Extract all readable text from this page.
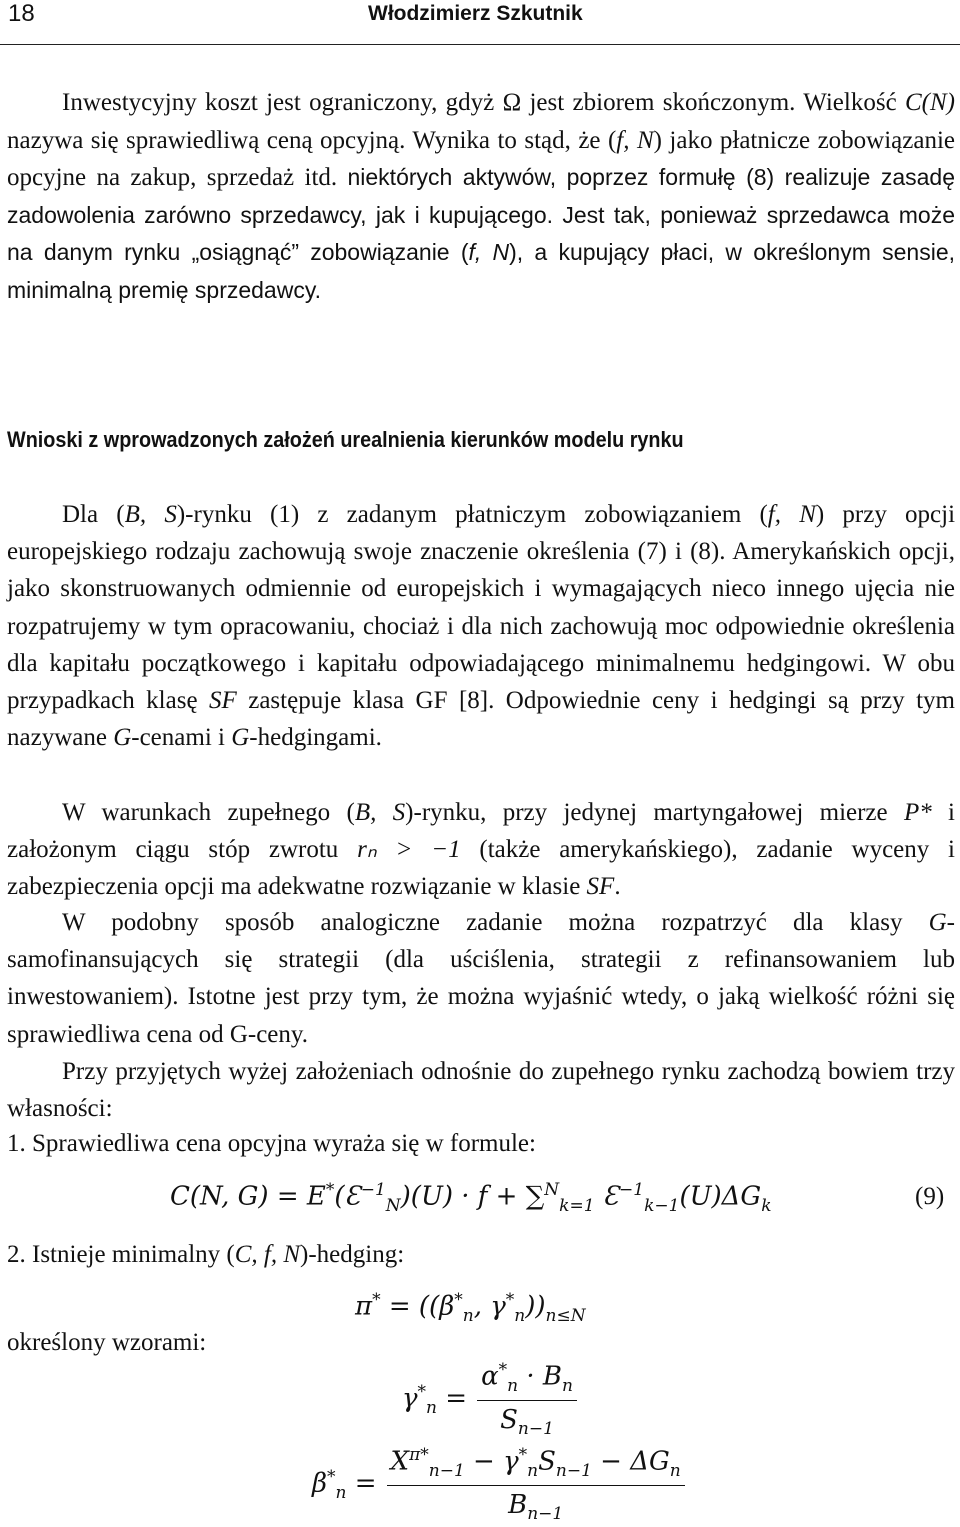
18	Włodzimierz Szkutnik

Inwestycyjny koszt jest ograniczony, gdyż Ω jest zbiorem skończonym. Wielkość C(N) nazywa się sprawiedliwą ceną opcyjną. Wynika to stąd, że (f, N) jako płatnicze zobowiązanie opcyjne na zakup, sprzedaż itd. niektórych aktywów, poprzez formułę (8) realizuje zasadę zadowolenia zarówno sprzedawcy, jak i kupującego. Jest tak, ponieważ sprzedawca może na danym rynku „osiągnąć” zobowiązanie (f, N), a kupujący płaci, w określonym sensie, minimalną premię sprzedawcy.

Wnioski z wprowadzonych założeń urealnienia kierunków modelu rynku

Dla (B, S)-rynku (1) z zadanym płatniczym zobowiązaniem (f, N) przy opcji europejskiego rodzaju zachowują swoje znaczenie określenia (7) i (8). Amerykańskich opcji, jako skonstruowanych odmiennie od europejskich i wymagających nieco innego ujęcia nie rozpatrujemy w tym opracowaniu, chociaż i dla nich zachowują moc odpowiednie określenia dla kapitału początkowego i kapitału odpowiadającego minimalnemu hedgingowi. W obu przypadkach klasę SF zastępuje klasa GF [8]. Odpowiednie ceny i hedgingi są przy tym nazywane G-cenami i G-hedgingami.

W warunkach zupełnego (B, S)-rynku, przy jedynej martyngałowej mierze P* i założonym ciągu stóp zwrotu rₙ > −1 (także amerykańskiego), zadanie wyceny i zabezpieczenia opcji ma adekwatne rozwiązanie w klasie SF.

W podobny sposób analogiczne zadanie można rozpatrzyć dla klasy G-samofinansujących się strategii (dla uściślenia, strategii z refinansowaniem lub inwestowaniem). Istotne jest przy tym, że można wyjaśnić wtedy, o jaką wielkość różni się sprawiedliwa cena od G-ceny.

Przy przyjętych wyżej założeniach odnośnie do zupełnego rynku zachodzą bowiem trzy własności:

1. Sprawiedliwa cena opcyjna wyraża się w formule:

C(N, $G) = E^*(Ɛ^{-1}_N)(U) \cdot f + \sum^N_{k=1}$ $Ɛ^{-1}_{k-1}(U)\Delta G_k$	(9)

2. Istnieje minimalny (C, f, N)-hedging:

$\pi^* = ((\beta^*_n$, $\gamma^*_n))_{n\le N}$

określony wzorami:

$\gamma^*_n = \frac{\alpha^*_n \cdot B_n}{S_{n-1}}$
$\beta^*_n = \frac{X^{\pi*}_{n-1} - \gamma^*_nS_{n-1} - \Delta G_n}{B_{n-1}}$
